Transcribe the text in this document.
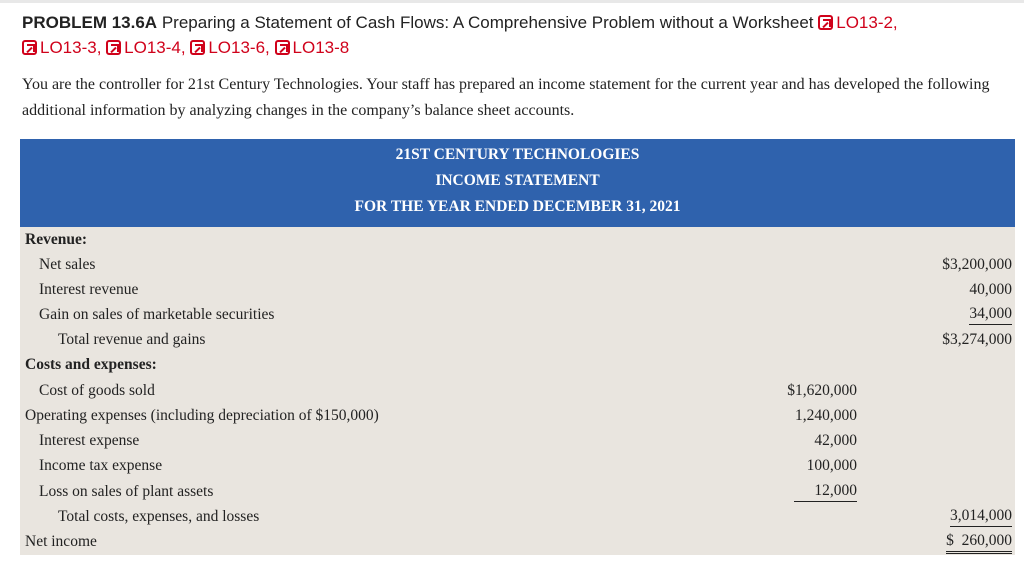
PROBLEM 13.6A Preparing a Statement of Cash Flows: A Comprehensive Problem without a Worksheet LO13-2,
LO13-3, LO13-4, LO13-6, LO13-8
You are the controller for 21st Century Technologies. Your staff has prepared an income statement for the current year and has developed the following additional information by analyzing changes in the company’s balance sheet accounts.
21ST CENTURY TECHNOLOGIES
INCOME STATEMENT
FOR THE YEAR ENDED DECEMBER 31, 2021
Revenue:
Net sales	$3,200,000
Interest revenue	40,000
Gain on sales of marketable securities	34,000
Total revenue and gains	$3,274,000
Costs and expenses:
Cost of goods sold	$1,620,000
Operating expenses (including depreciation of $150,000)	1,240,000
Interest expense	42,000
Income tax expense	100,000
Loss on sales of plant assets	12,000
Total costs, expenses, and losses	3,014,000
Net income	$ 260,000
